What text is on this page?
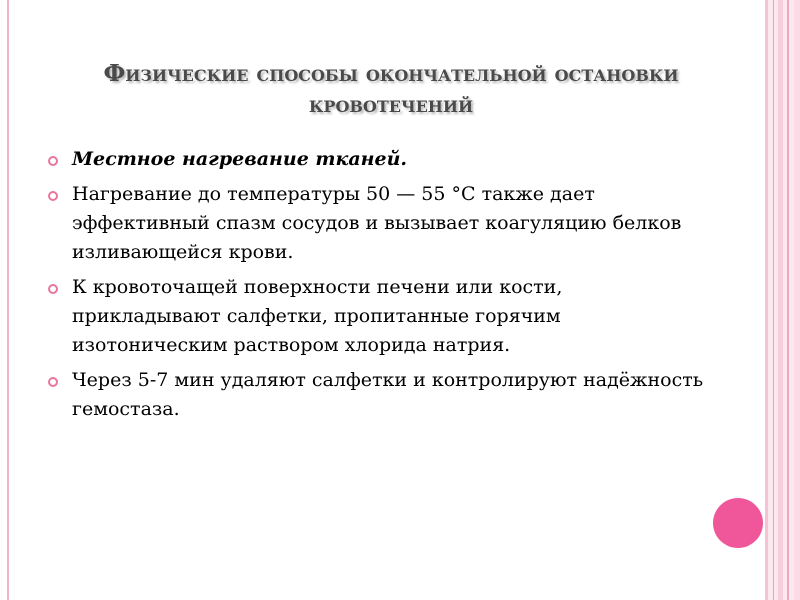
Физические способы окончательной остановки
кровотечений
Местное нагревание тканей.
Нагревание до температуры 50 — 55 °С также дает эффективный спазм сосудов и вызывает коагуляцию белков изливающейся крови.
К кровоточащей поверхности печени или кости, прикладывают салфетки, пропитанные горячим изотоническим раствором хлорида натрия.
Через 5-7 мин удаляют салфетки и контролируют надёжность гемостаза.
